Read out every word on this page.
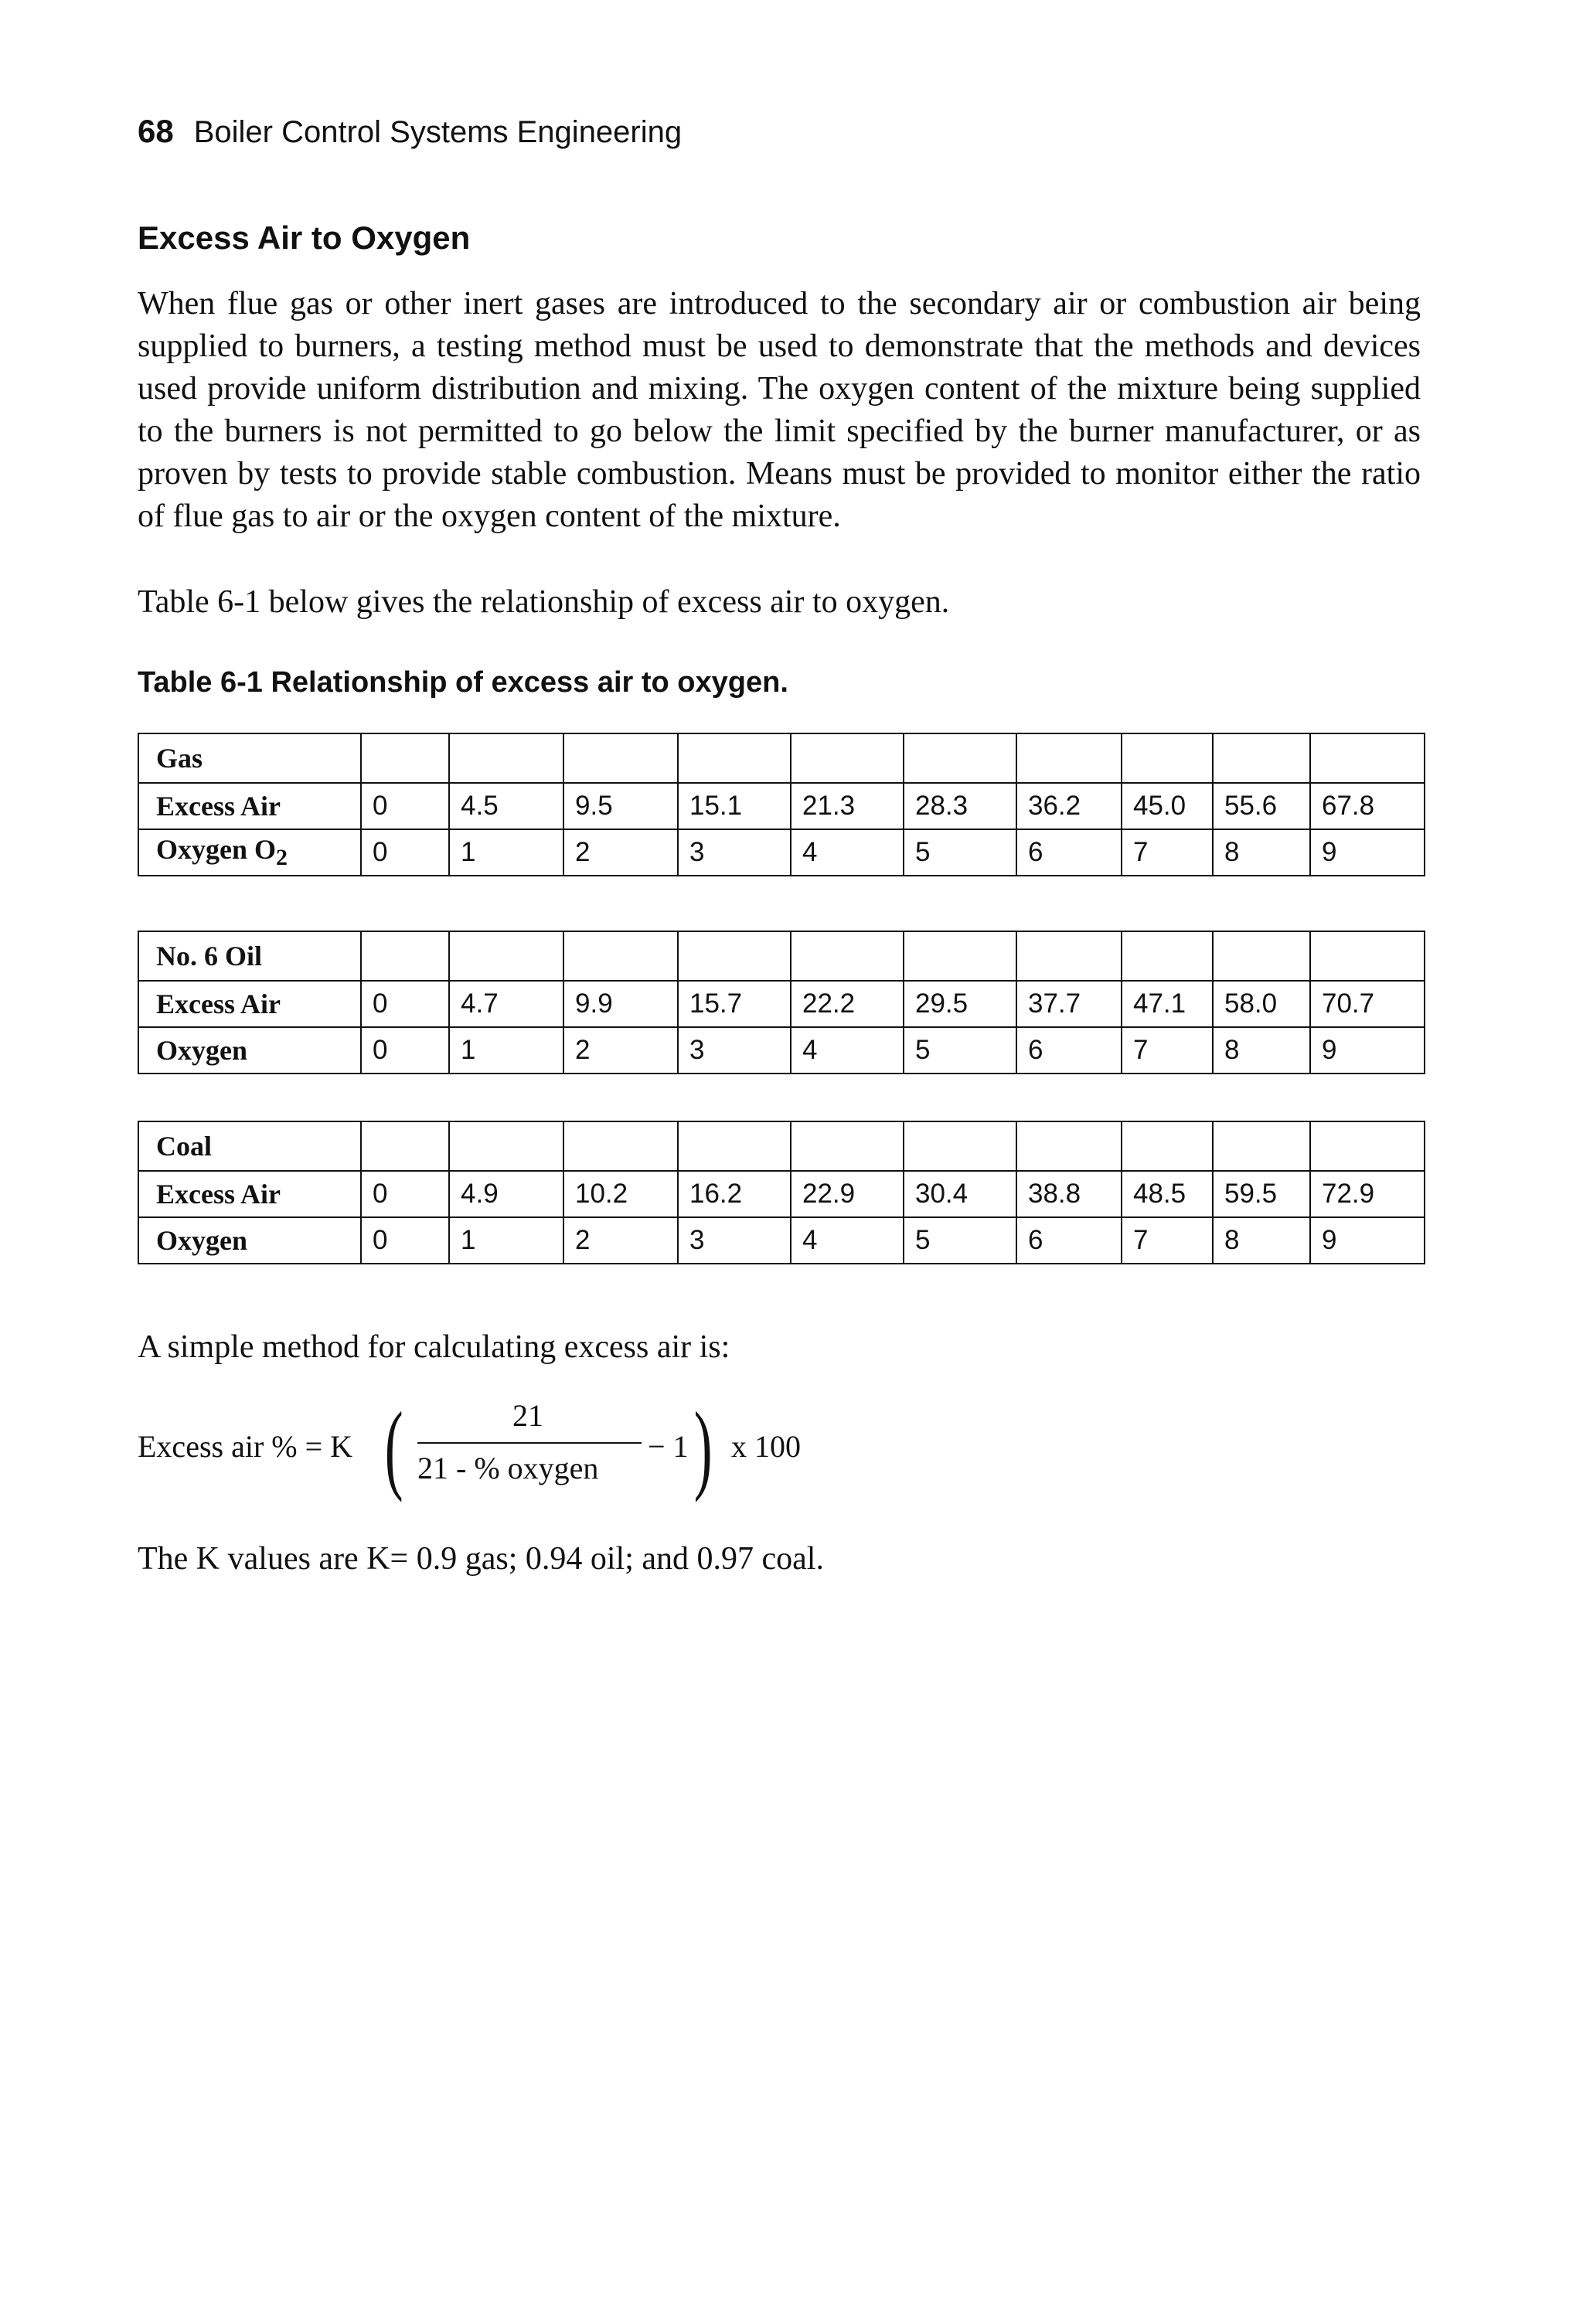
68 Boiler Control Systems Engineering
Excess Air to Oxygen

When flue gas or other inert gases are introduced to the secondary air or combustion air being supplied to burners, a testing method must be used to demonstrate that the methods and devices used provide uniform distribution and mixing. The oxygen content of the mixture being supplied to the burners is not permitted to go below the limit specified by the burner manufacturer, or as proven by tests to provide stable combustion. Means must be provided to monitor either the ratio of flue gas to air or the oxygen content of the mixture.

Table 6-1 below gives the relationship of excess air to oxygen.

Table 6-1 Relationship of excess air to oxygen.

Gas										
Excess Air	0	4.5	9.5	15.1	21.3	28.3	36.2	45.0	55.6	67.8
Oxygen $O_2$	0	1	2	3	4	5	6	7	8	9
No. 6 Oil										
Excess Air	0	4.7	9.9	15.7	22.2	29.5	37.7	47.1	58.0	70.7
Oxygen	0	1	2	3	4	5	6	7	8	9
Coal										
Excess Air	0	4.9	10.2	16.2	22.9	30.4	38.8	48.5	59.5	72.9
Oxygen	0	1	2	3	4	5	6	7	8	9

A simple method for calculating excess air is:

Excess air % = K (	21
21 - % oxygen
− 1 ) x 100

The K values are K= 0.9 gas; 0.94 oil; and 0.97 coal.
